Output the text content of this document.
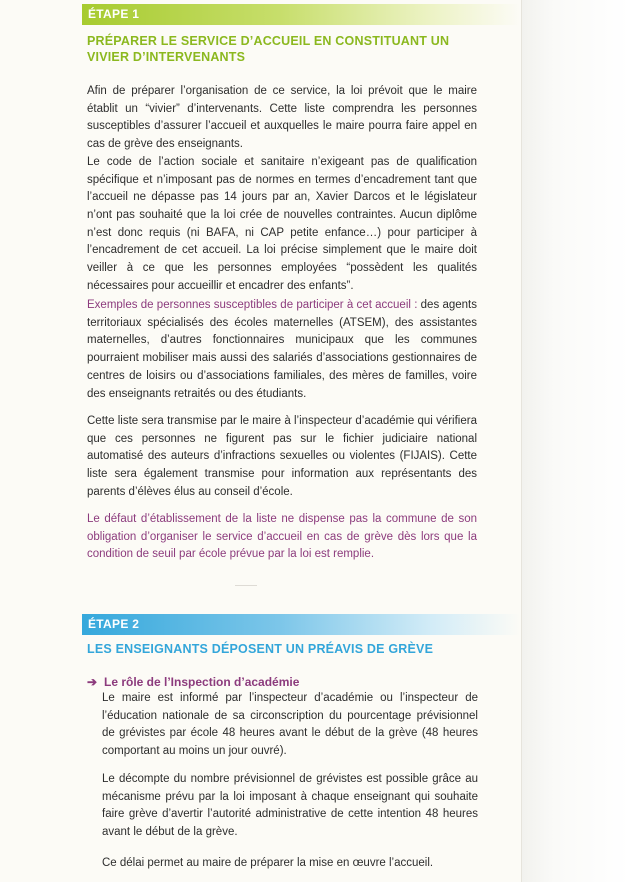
ÉTAPE 1
PRÉPARER LE SERVICE D’ACCUEIL EN CONSTITUANT UN VIVIER D’INTERVENANTS

Afin de préparer l’organisation de ce service, la loi prévoit que le maire établit un “vivier” d’intervenants. Cette liste comprendra les personnes susceptibles d’assurer l’accueil et auxquelles le maire pourra faire appel en cas de grève des enseignants.

Le code de l’action sociale et sanitaire n’exigeant pas de qualification spécifique et n’imposant pas de normes en termes d’encadrement tant que l’accueil ne dépasse pas 14 jours par an, Xavier Darcos et le législateur n’ont pas souhaité que la loi crée de nouvelles contraintes. Aucun diplôme n’est donc requis (ni BAFA, ni CAP petite enfance…) pour participer à l’encadrement de cet accueil. La loi précise simplement que le maire doit veiller à ce que les personnes employées “possèdent les qualités nécessaires pour accueillir et encadrer des enfants”.

Exemples de personnes susceptibles de participer à cet accueil : des agents territoriaux spécialisés des écoles maternelles (ATSEM), des assistantes maternelles, d’autres fonctionnaires municipaux que les communes pourraient mobiliser mais aussi des salariés d’associations gestionnaires de centres de loisirs ou d’associations familiales, des mères de familles, voire des enseignants retraités ou des étudiants.

Cette liste sera transmise par le maire à l’inspecteur d’académie qui vérifiera que ces personnes ne figurent pas sur le fichier judiciaire national automatisé des auteurs d’infractions sexuelles ou violentes (FIJAIS). Cette liste sera également transmise pour information aux représentants des parents d’élèves élus au conseil d’école.
Le défaut d’établissement de la liste ne dispense pas la commune de son obligation d’organiser le service d’accueil en cas de grève dès lors que la condition de seuil par école prévue par la loi est remplie.
ÉTAPE 2
LES ENSEIGNANTS DÉPOSENT UN PRÉAVIS DE GRÈVE
➔ Le rôle de l’Inspection d’académie
Le maire est informé par l’inspecteur d’académie ou l’inspecteur de l’éducation nationale de sa circonscription du pourcentage prévisionnel de grévistes par école 48 heures avant le début de la grève (48 heures comportant au moins un jour ouvré).
Le décompte du nombre prévisionnel de grévistes est possible grâce au mécanisme prévu par la loi imposant à chaque enseignant qui souhaite faire grève d’avertir l’autorité administrative de cette intention 48 heures avant le début de la grève.
Ce délai permet au maire de préparer la mise en œuvre l’accueil.
